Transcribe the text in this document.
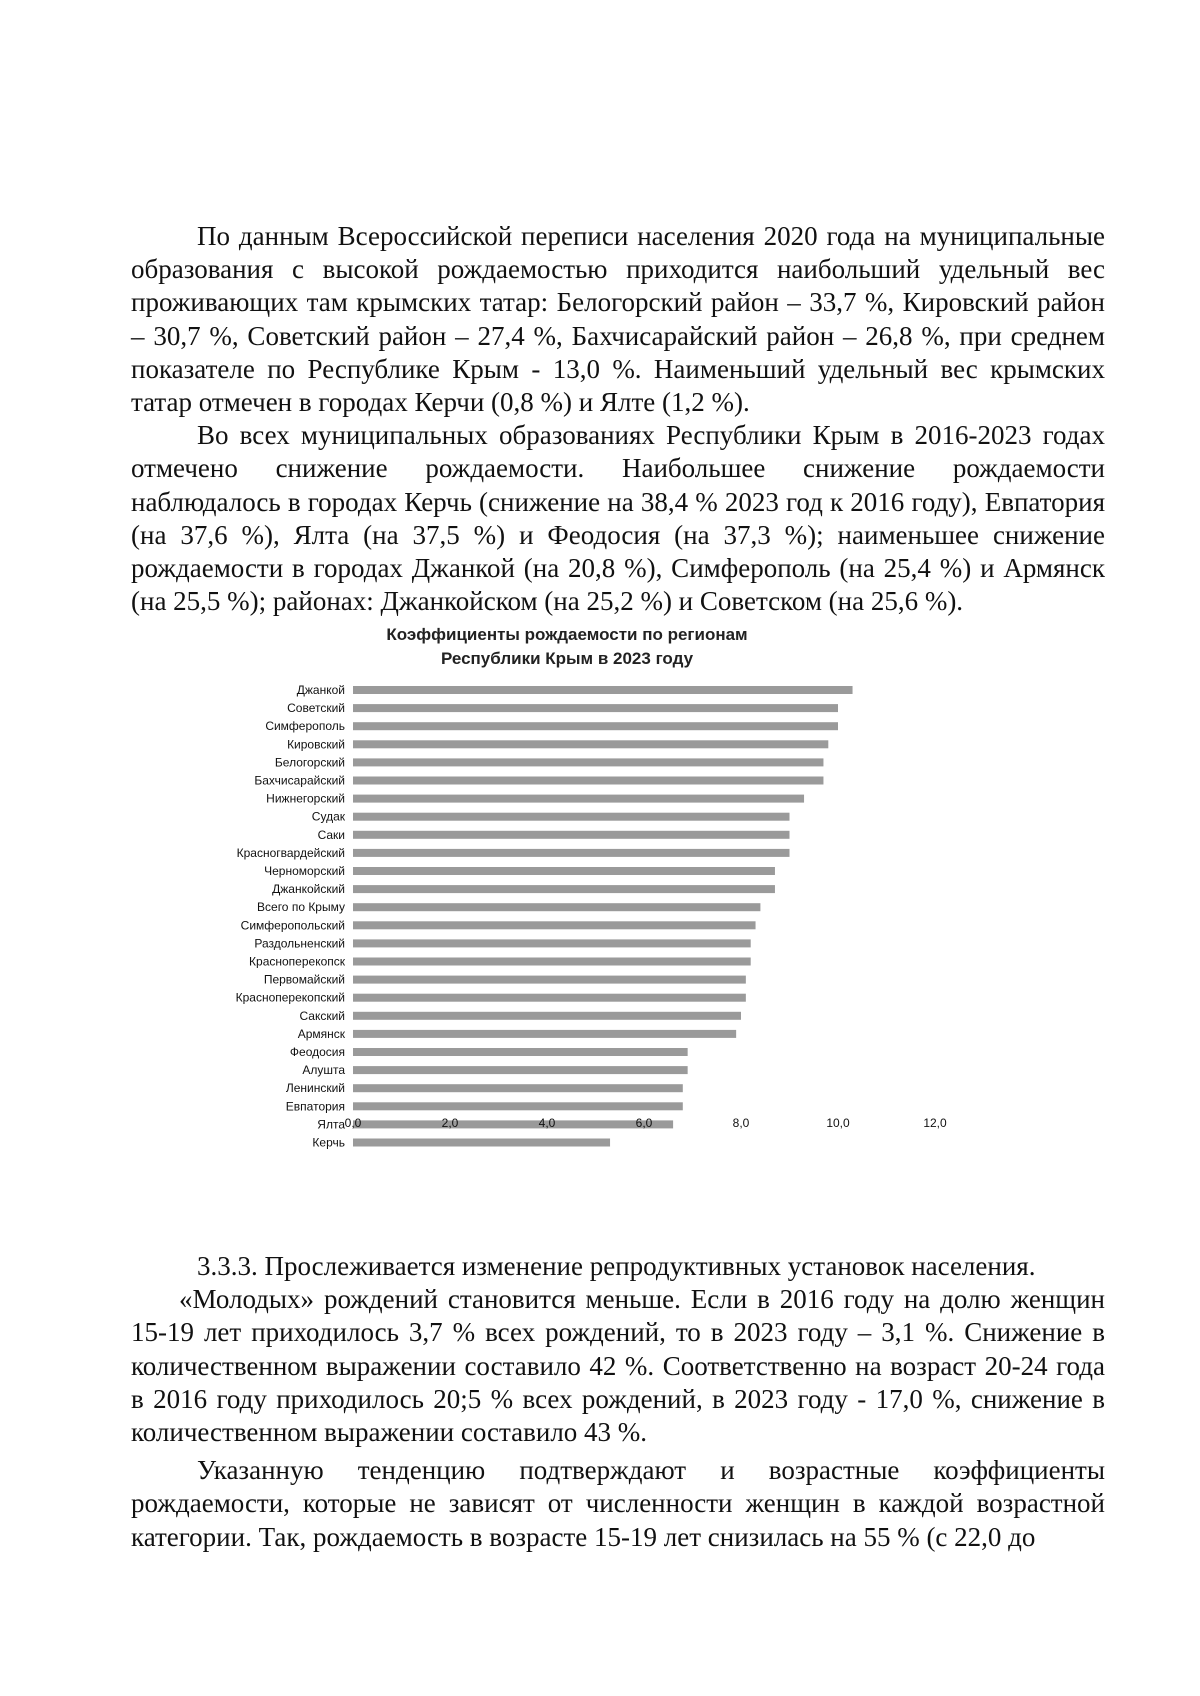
По данным Всероссийской переписи населения 2020 года на муниципальные образования с высокой рождаемостью приходится наибольший удельный вес проживающих там крымских татар: Белогорский район – 33,7 %, Кировский район – 30,7 %, Советский район – 27,4 %, Бахчисарайский район – 26,8 %, при среднем показателе по Республике Крым - 13,0 %. Наименьший удельный вес крымских татар отмечен в городах Керчи (0,8 %) и Ялте (1,2 %).

Во всех муниципальных образованиях Республики Крым в 2016-2023 годах отмечено снижение рождаемости. Наибольшее снижение рождаемости наблюдалось в городах Керчь (снижение на 38,4 % 2023 год к 2016 году), Евпатория (на 37,6 %), Ялта (на 37,5 %) и Феодосия (на 37,3 %); наименьшее снижение рождаемости в городах Джанкой (на 20,8 %), Симферополь (на 25,4 %) и Армянск (на 25,5 %); районах: Джанкойском (на 25,2 %) и Советском (на 25,6 %).

Коэффициенты рождаемости по регионам
Республики Крым в 2023 году
Джанкой
Советский
Симферополь
Кировский
Белогорский
Бахчисарайский
Нижнегорский
Судак
Саки
Красногвардейский
Черноморский
Джанкойский
Всего по Крыму
Симферопольский
Раздольненский
Красноперекопск
Первомайский
Красноперекопский
Сакский
Армянск
Феодосия
Алушта
Ленинский
Евпатория
Ялта
Керчь
0,0	2,0	4,0	6,0	8,0	10,0	12,0

3.3.3. Прослеживается изменение репродуктивных установок населения.

«Молодых» рождений становится меньше. Если в 2016 году на долю женщин 15-19 лет приходилось 3,7 % всех рождений, то в 2023 году – 3,1 %. Снижение в количественном выражении составило 42 %. Соответственно на возраст 20-24 года в 2016 году приходилось 20;5 % всех рождений, в 2023 году - 17,0 %, снижение в количественном выражении составило 43 %.

Указанную тенденцию подтверждают и возрастные коэффициенты рождаемости, которые не зависят от численности женщин в каждой возрастной категории. Так, рождаемость в возрасте 15-19 лет снизилась на 55 % (с 22,0 до
